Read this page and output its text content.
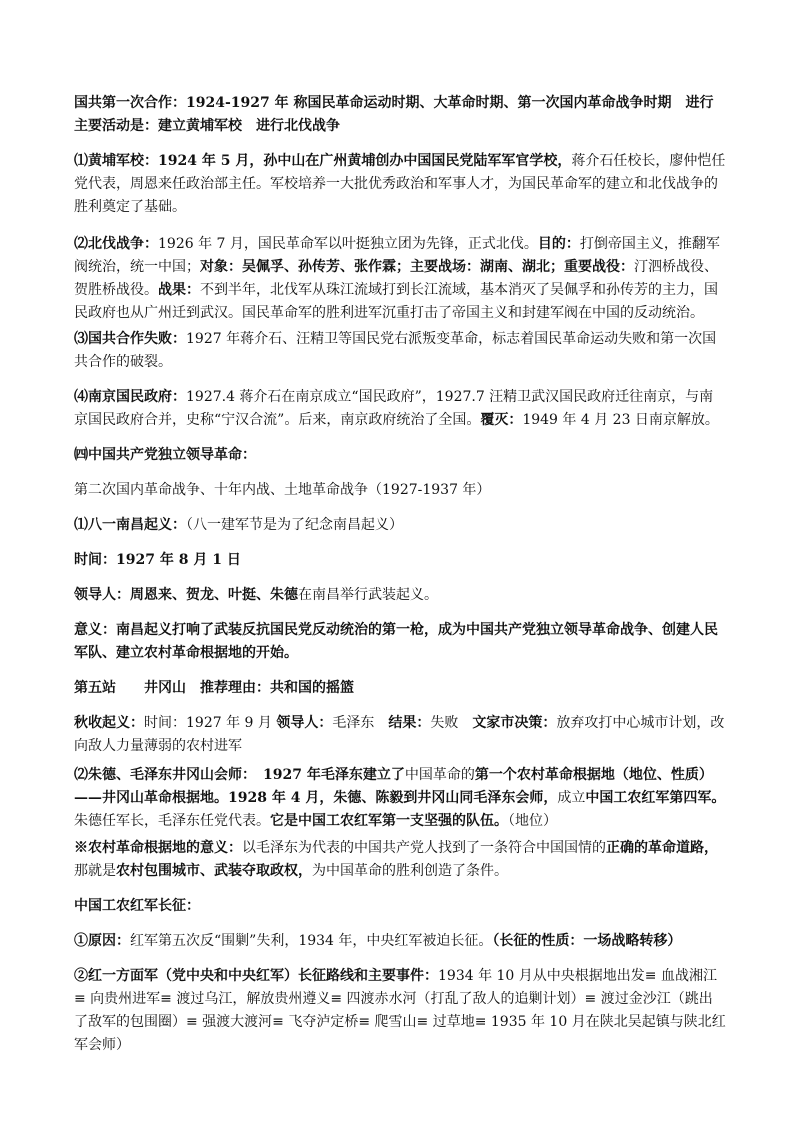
国共第一次合作：1924-1927 年 称国民革命运动时期、大革命时期、第一次国内革命战争时期　进行主要活动是：建立黄埔军校　进行北伐战争

⑴黄埔军校：1924 年 5 月，孙中山在广州黄埔创办中国国民党陆军军官学校，蒋介石任校长，廖仲恺任党代表，周恩来任政治部主任。军校培养一大批优秀政治和军事人才，为国民革命军的建立和北伐战争的胜利奠定了基础。

⑵北伐战争：1926 年 7 月，国民革命军以叶挺独立团为先锋，正式北伐。目的：打倒帝国主义，推翻军阀统治，统一中国；对象：吴佩孚、孙传芳、张作霖；主要战场：湖南、湖北；重要战役：汀泗桥战役、贺胜桥战役。战果：不到半年，北伐军从珠江流域打到长江流域，基本消灭了吴佩孚和孙传芳的主力，国民政府也从广州迁到武汉。国民革命军的胜利进军沉重打击了帝国主义和封建军阀在中国的反动统治。

⑶国共合作失败：1927 年蒋介石、汪精卫等国民党右派叛变革命，标志着国民革命运动失败和第一次国共合作的破裂。

⑷南京国民政府：1927.4 蒋介石在南京成立“国民政府”，1927.7 汪精卫武汉国民政府迁往南京，与南京国民政府合并，史称“宁汉合流”。后来，南京政府统治了全国。覆灭：1949 年 4 月 23 日南京解放。

㈣中国共产党独立领导革命：

第二次国内革命战争、十年内战、土地革命战争（1927-1937 年）

⑴八一南昌起义：（八一建军节是为了纪念南昌起义）

时间：1927 年 8 月 1 日

领导人：周恩来、贺龙、叶挺、朱德在南昌举行武装起义。

意义：南昌起义打响了武装反抗国民党反动统治的第一枪，成为中国共产党独立领导革命战争、创建人民军队、建立农村革命根据地的开始。

第五站　　井冈山　推荐理由：共和国的摇篮

秋收起义：时间：1927 年 9 月 领导人：毛泽东　结果：失败　文家市决策：放弃攻打中心城市计划，改向敌人力量薄弱的农村进军

⑵朱德、毛泽东井冈山会师：　1927 年毛泽东建立了中国革命的第一个农村革命根据地（地位、性质）——井冈山革命根据地。1928 年 4 月，朱德、陈毅到井冈山同毛泽东会师，成立中国工农红军第四军。朱德任军长，毛泽东任党代表。它是中国工农红军第一支坚强的队伍。（地位）

※农村革命根据地的意义：以毛泽东为代表的中国共产党人找到了一条符合中国国情的正确的革命道路，那就是农村包围城市、武装夺取政权，为中国革命的胜利创造了条件。

中国工农红军长征：

①原因：红军第五次反“围剿”失利，1934 年，中央红军被迫长征。（长征的性质：一场战略转移）

②红一方面军（党中央和中央红军）长征路线和主要事件：1934 年 10 月从中央根据地出发≡ 血战湘江≡ 向贵州进军≡ 渡过乌江，解放贵州遵义≡ 四渡赤水河（打乱了敌人的追剿计划）≡ 渡过金沙江（跳出了敌军的包围圈）≡ 强渡大渡河≡ 飞夺泸定桥≡ 爬雪山≡ 过草地≡ 1935 年 10 月在陕北吴起镇与陕北红军会师）
